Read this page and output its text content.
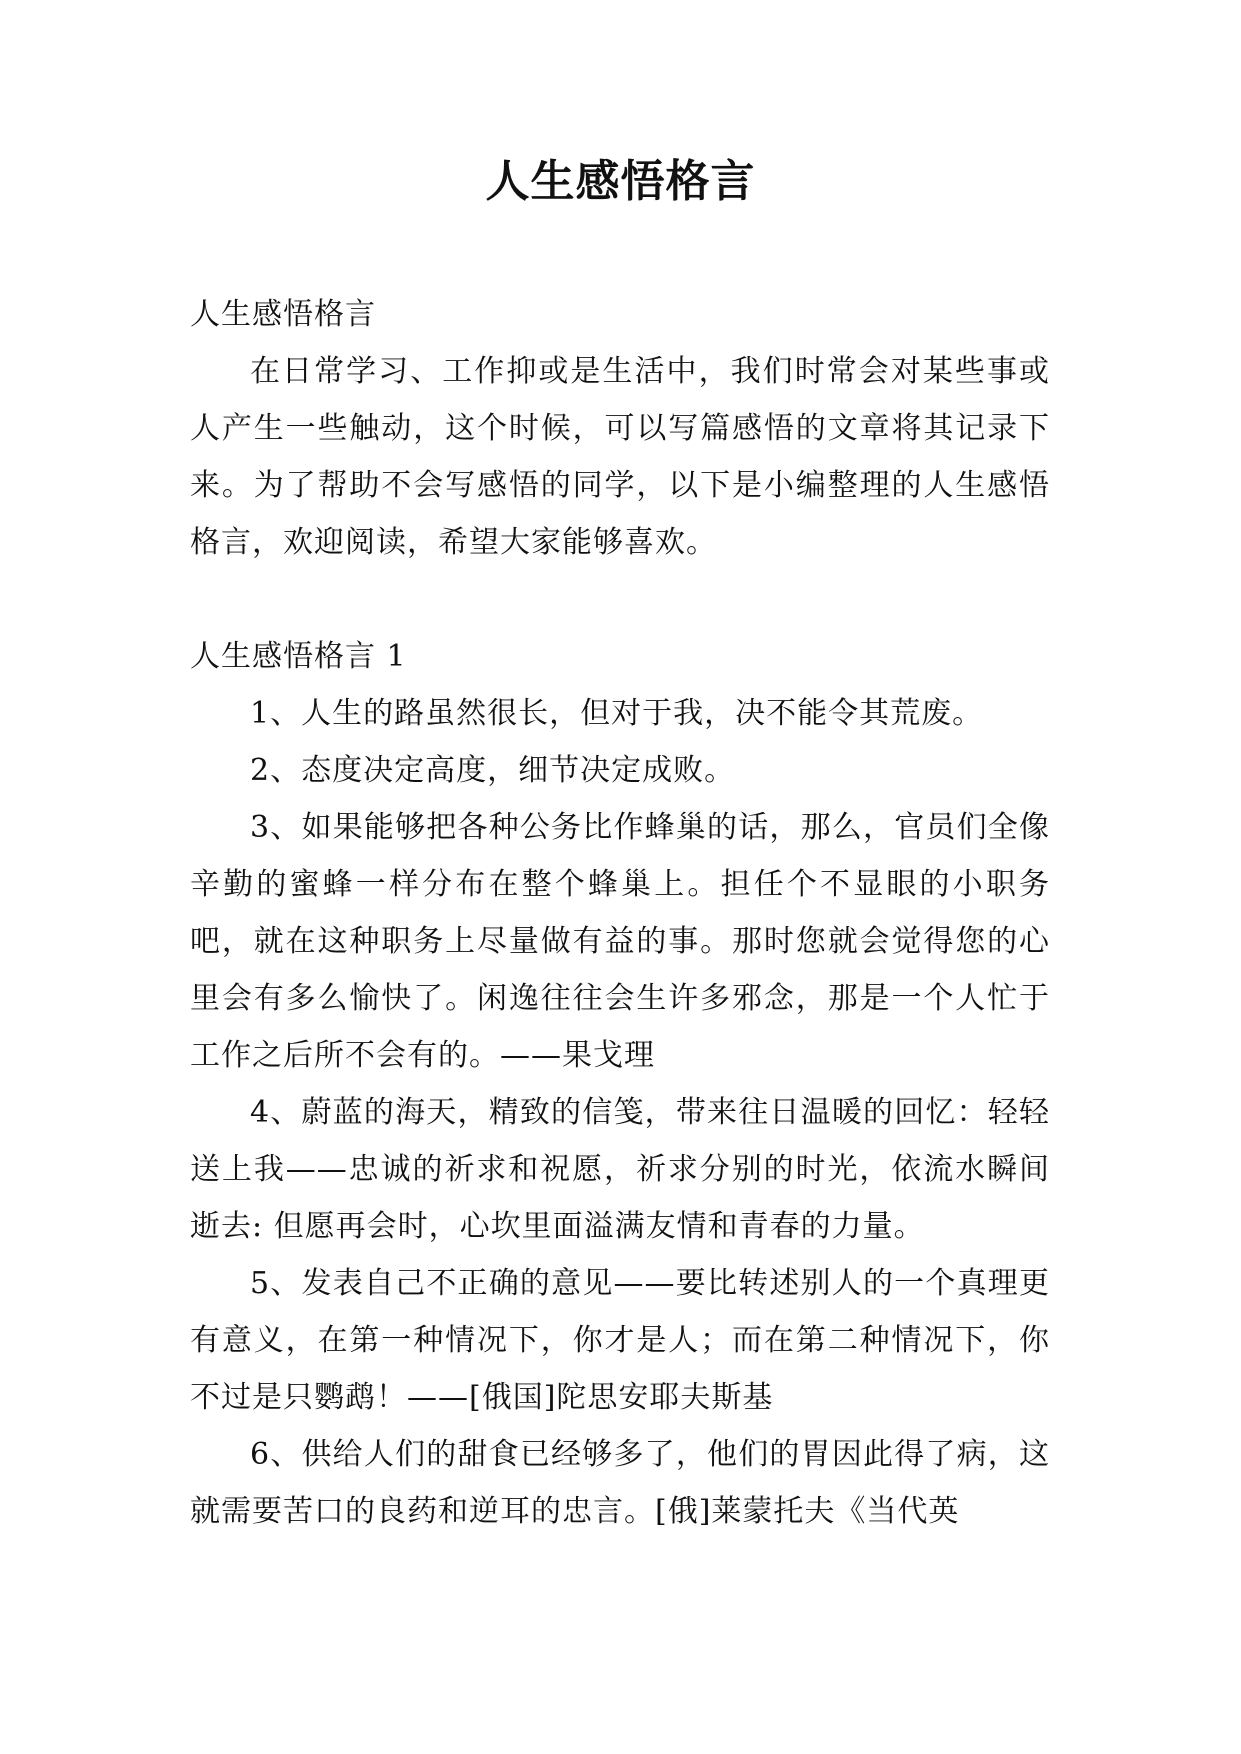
人生感悟格言

人生感悟格言

在日常学习、工作抑或是生活中，我们时常会对某些事或人产生一些触动，这个时候，可以写篇感悟的文章将其记录下来。为了帮助不会写感悟的同学，以下是小编整理的人生感悟格言，欢迎阅读，希望大家能够喜欢。

人生感悟格言 1

1、人生的路虽然很长，但对于我，决不能令其荒废。

2、态度决定高度，细节决定成败。

3、如果能够把各种公务比作蜂巢的话，那么，官员们全像辛勤的蜜蜂一样分布在整个蜂巢上。担任个不显眼的小职务吧，就在这种职务上尽量做有益的事。那时您就会觉得您的心里会有多么愉快了。闲逸往往会生许多邪念，那是一个人忙于工作之后所不会有的。——果戈理

4、蔚蓝的海天，精致的信笺，带来往日温暖的回忆：轻轻送上我——忠诚的祈求和祝愿，祈求分别的时光，依流水瞬间逝去: 但愿再会时，心坎里面溢满友情和青春的力量。

5、发表自己不正确的意见——要比转述别人的一个真理更有意义，在第一种情况下，你才是人；而在第二种情况下，你不过是只鹦鹉！——[俄国]陀思安耶夫斯基

6、供给人们的甜食已经够多了，他们的胃因此得了病，这就需要苦口的良药和逆耳的忠言。[俄]莱蒙托夫《当代英
